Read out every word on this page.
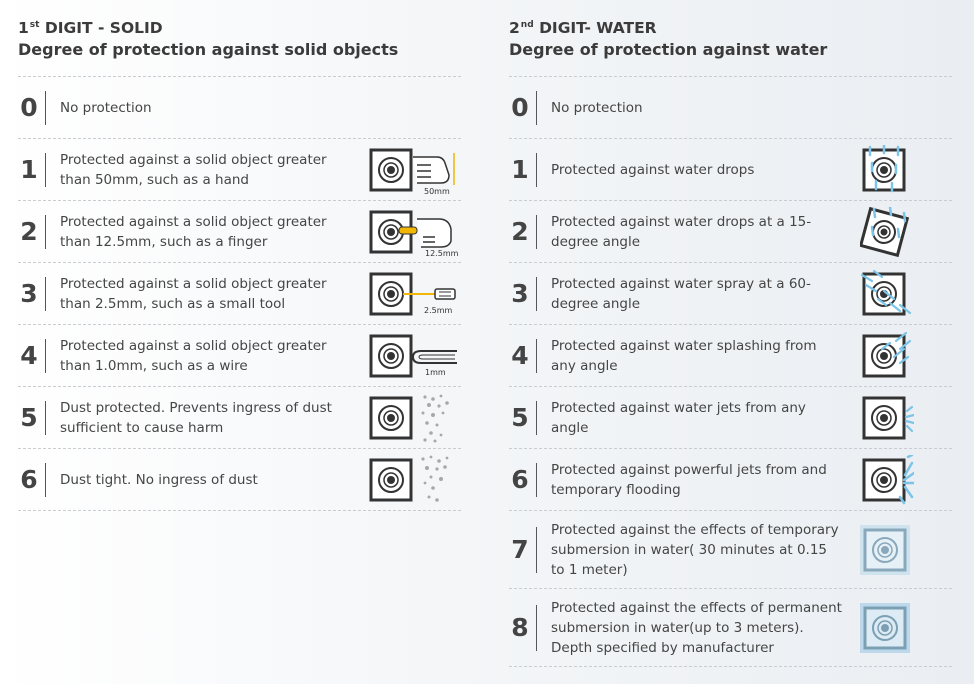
1st DIGIT - SOLID
Degree of protection against solid objects
0 No protection
1 Protected against a solid object greater than 50mm, such as a hand
50mm
2 Protected against a solid object greater than 12.5mm, such as a finger
12.5mm
3 Protected against a solid object greater than 2.5mm, such as a small tool	2.5mm
4 Protected against a solid object greater than 1.0mm, such as a wire	1mm
5 Dust protected. Prevents ingress of dust sufficient to cause harm
6 Dust tight. No ingress of dust
2nd DIGIT- WATER
Degree of protection against water
0 No protection
1 Protected against water drops
2 Protected against water drops at a 15-degree angle
3 Protected against water spray at a 60-degree angle
4 Protected against water splashing from any angle
5 Protected against water jets from any angle
6 Protected against powerful jets from and temporary flooding
7
Protected against the effects of temporary submersion in water( 30 minutes at 0.15 to 1 meter)
8
Protected against the effects of permanent submersion in water(up to 3 meters). Depth specified by manufacturer
